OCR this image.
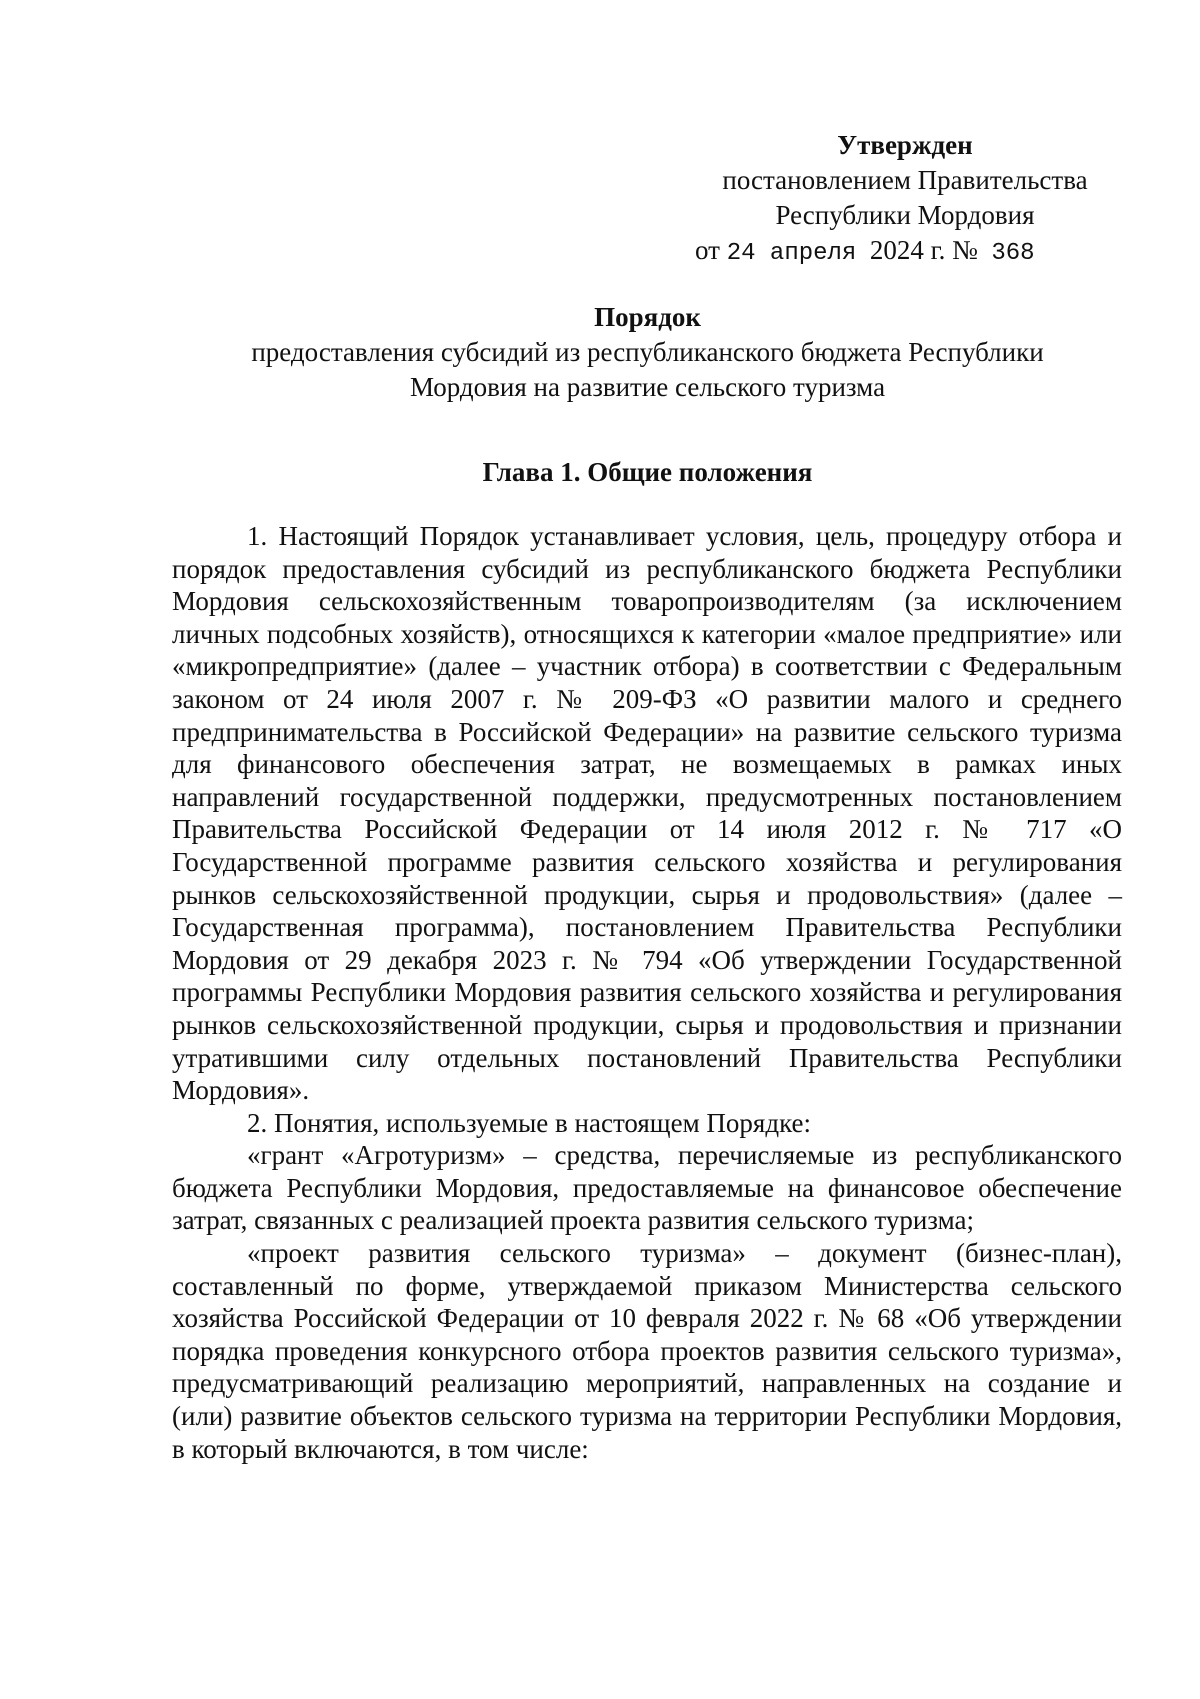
Утвержден
постановлением Правительства
Республики Мордовия
от 24 апреля 2024 г. № 368
Порядок
предоставления субсидий из республиканского бюджета Республики
Мордовия на развитие сельского туризма
Глава 1. Общие положения

1. Настоящий Порядок устанавливает условия, цель, процедуру отбора и порядок предоставления субсидий из республиканского бюджета Республики Мордовия сельскохозяйственным товаропроизводителям (за исключением личных подсобных хозяйств), относящихся к категории «малое предприятие» или «микропредприятие» (далее – участник отбора) в соответствии с Федеральным законом от 24 июля 2007 г. № 209-ФЗ «О развитии малого и среднего предпринимательства в Российской Федерации» на развитие сельского туризма для финансового обеспечения затрат, не возмещаемых в рамках иных направлений государственной поддержки, предусмотренных постановлением Правительства Российской Федерации от 14 июля 2012 г. № 717 «О Государственной программе развития сельского хозяйства и регулирования рынков сельскохозяйственной продукции, сырья и продовольствия» (далее – Государственная программа), постановлением Правительства Республики Мордовия от 29 декабря 2023 г. № 794 «Об утверждении Государственной программы Республики Мордовия развития сельского хозяйства и регулирования рынков сельскохозяйственной продукции, сырья и продовольствия и признании утратившими силу отдельных постановлений Правительства Республики Мордовия».

2. Понятия, используемые в настоящем Порядке:

«грант «Агротуризм» – средства, перечисляемые из республиканского бюджета Республики Мордовия, предоставляемые на финансовое обеспечение затрат, связанных с реализацией проекта развития сельского туризма;

«проект развития сельского туризма» – документ (бизнес-план), составленный по форме, утверждаемой приказом Министерства сельского хозяйства Российской Федерации от 10 февраля 2022 г. № 68 «Об утверждении порядка проведения конкурсного отбора проектов развития сельского туризма», предусматривающий реализацию мероприятий, направленных на создание и (или) развитие объектов сельского туризма на территории Республики Мордовия, в который включаются, в том числе:
